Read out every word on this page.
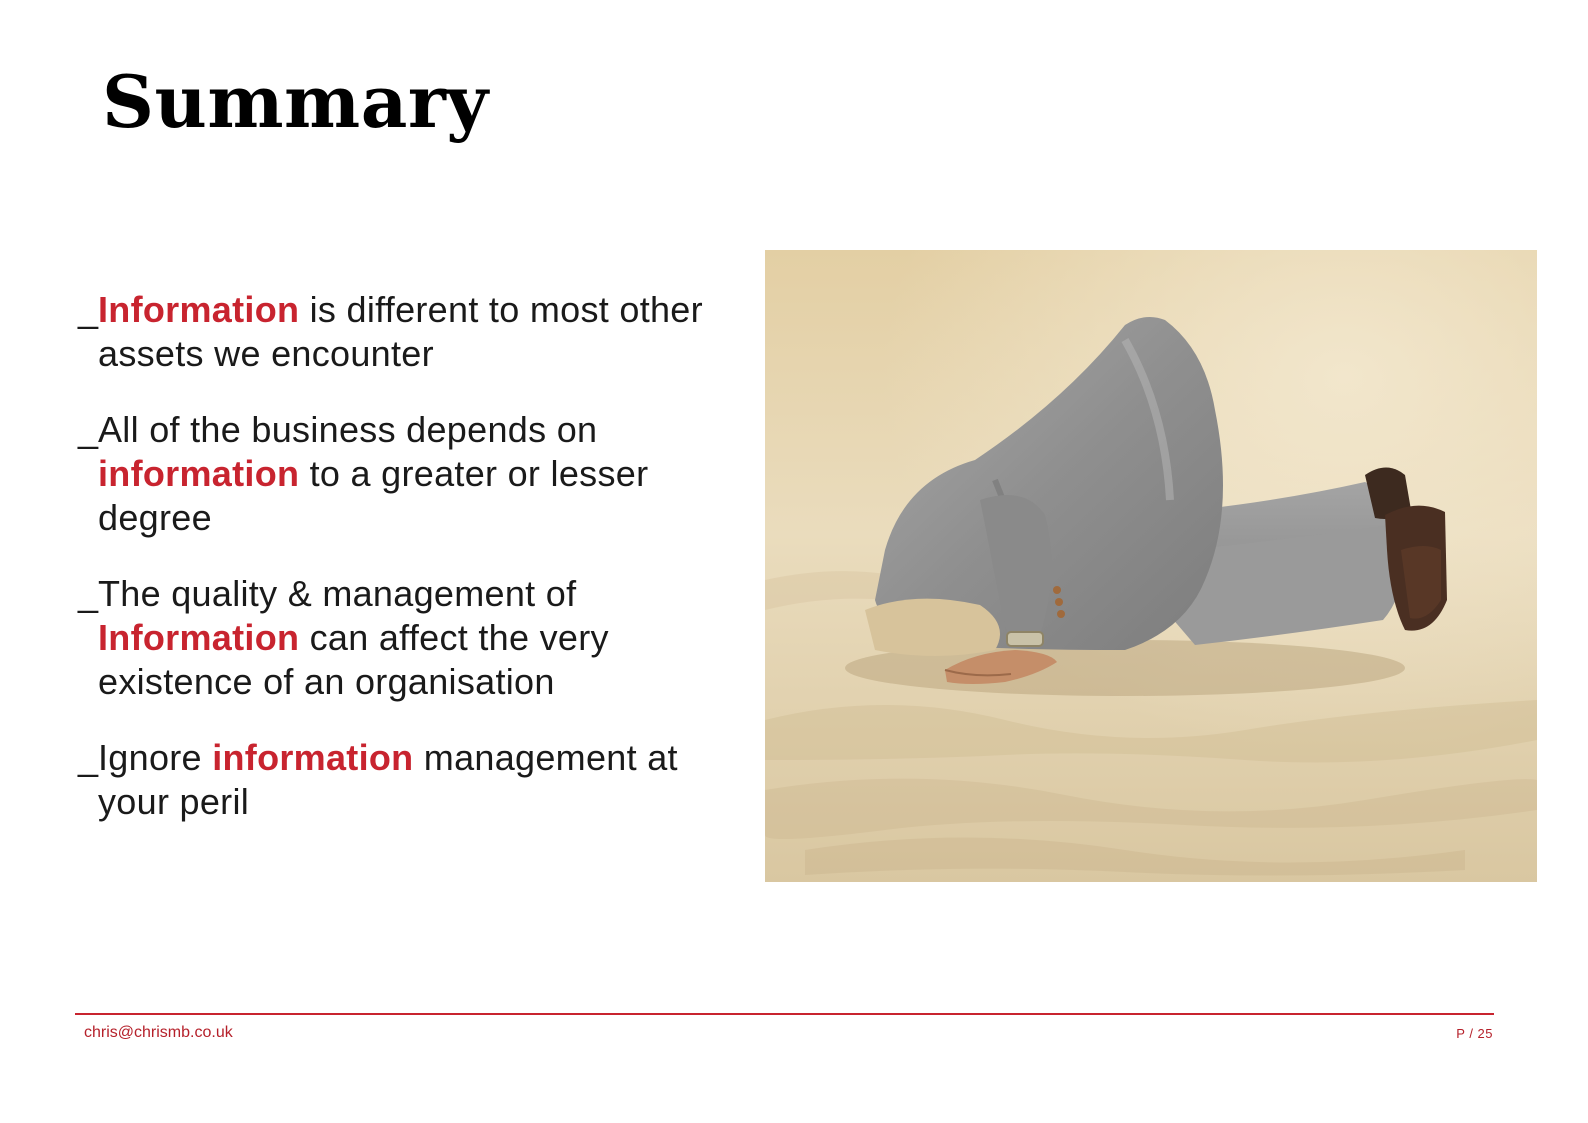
Summary
_ Information is different to most other assets we encounter
_ All of the business depends on information to a greater or lesser degree
_ The quality & management of Information can affect the very existence of an organisation
_ Ignore information management at your peril
chris@chrismb.co.uk	P / 25
